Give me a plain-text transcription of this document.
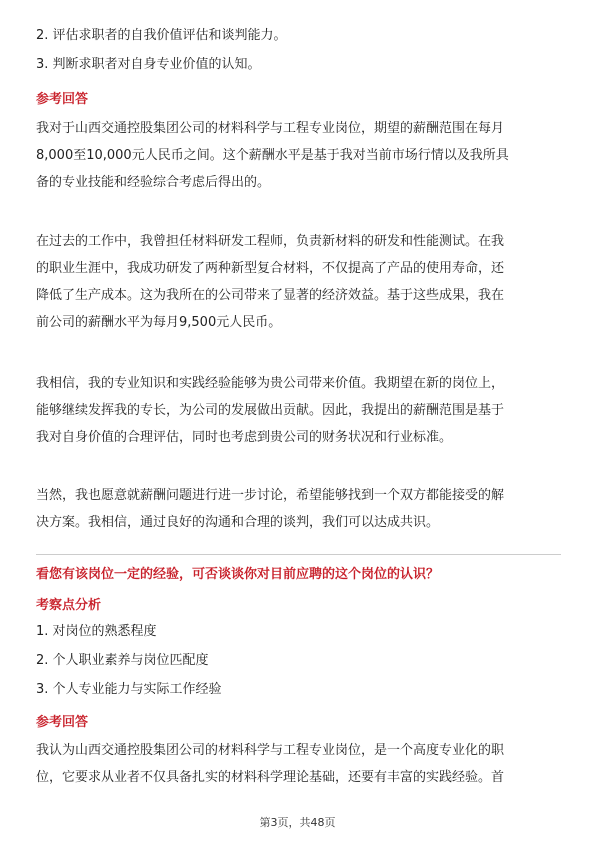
2. 评估求职者的自我价值评估和谈判能力。
3. 判断求职者对自身专业价值的认知。
参考回答
我对于山西交通控股集团公司的材料科学与工程专业岗位，期望的薪酬范围在每月
8,000至10,000元人民币之间。这个薪酬水平是基于我对当前市场行情以及我所具
备的专业技能和经验综合考虑后得出的。
在过去的工作中，我曾担任材料研发工程师，负责新材料的研发和性能测试。在我
的职业生涯中，我成功研发了两种新型复合材料，不仅提高了产品的使用寿命，还
降低了生产成本。这为我所在的公司带来了显著的经济效益。基于这些成果，我在
前公司的薪酬水平为每月9,500元人民币。
我相信，我的专业知识和实践经验能够为贵公司带来价值。我期望在新的岗位上，
能够继续发挥我的专长，为公司的发展做出贡献。因此，我提出的薪酬范围是基于
我对自身价值的合理评估，同时也考虑到贵公司的财务状况和行业标准。
当然，我也愿意就薪酬问题进行进一步讨论，希望能够找到一个双方都能接受的解
决方案。我相信，通过良好的沟通和合理的谈判，我们可以达成共识。
看您有该岗位一定的经验，可否谈谈你对目前应聘的这个岗位的认识？
考察点分析
1. 对岗位的熟悉程度
2. 个人职业素养与岗位匹配度
3. 个人专业能力与实际工作经验
参考回答
我认为山西交通控股集团公司的材料科学与工程专业岗位，是一个高度专业化的职
位，它要求从业者不仅具备扎实的材料科学理论基础，还要有丰富的实践经验。首
第3页，共48页
